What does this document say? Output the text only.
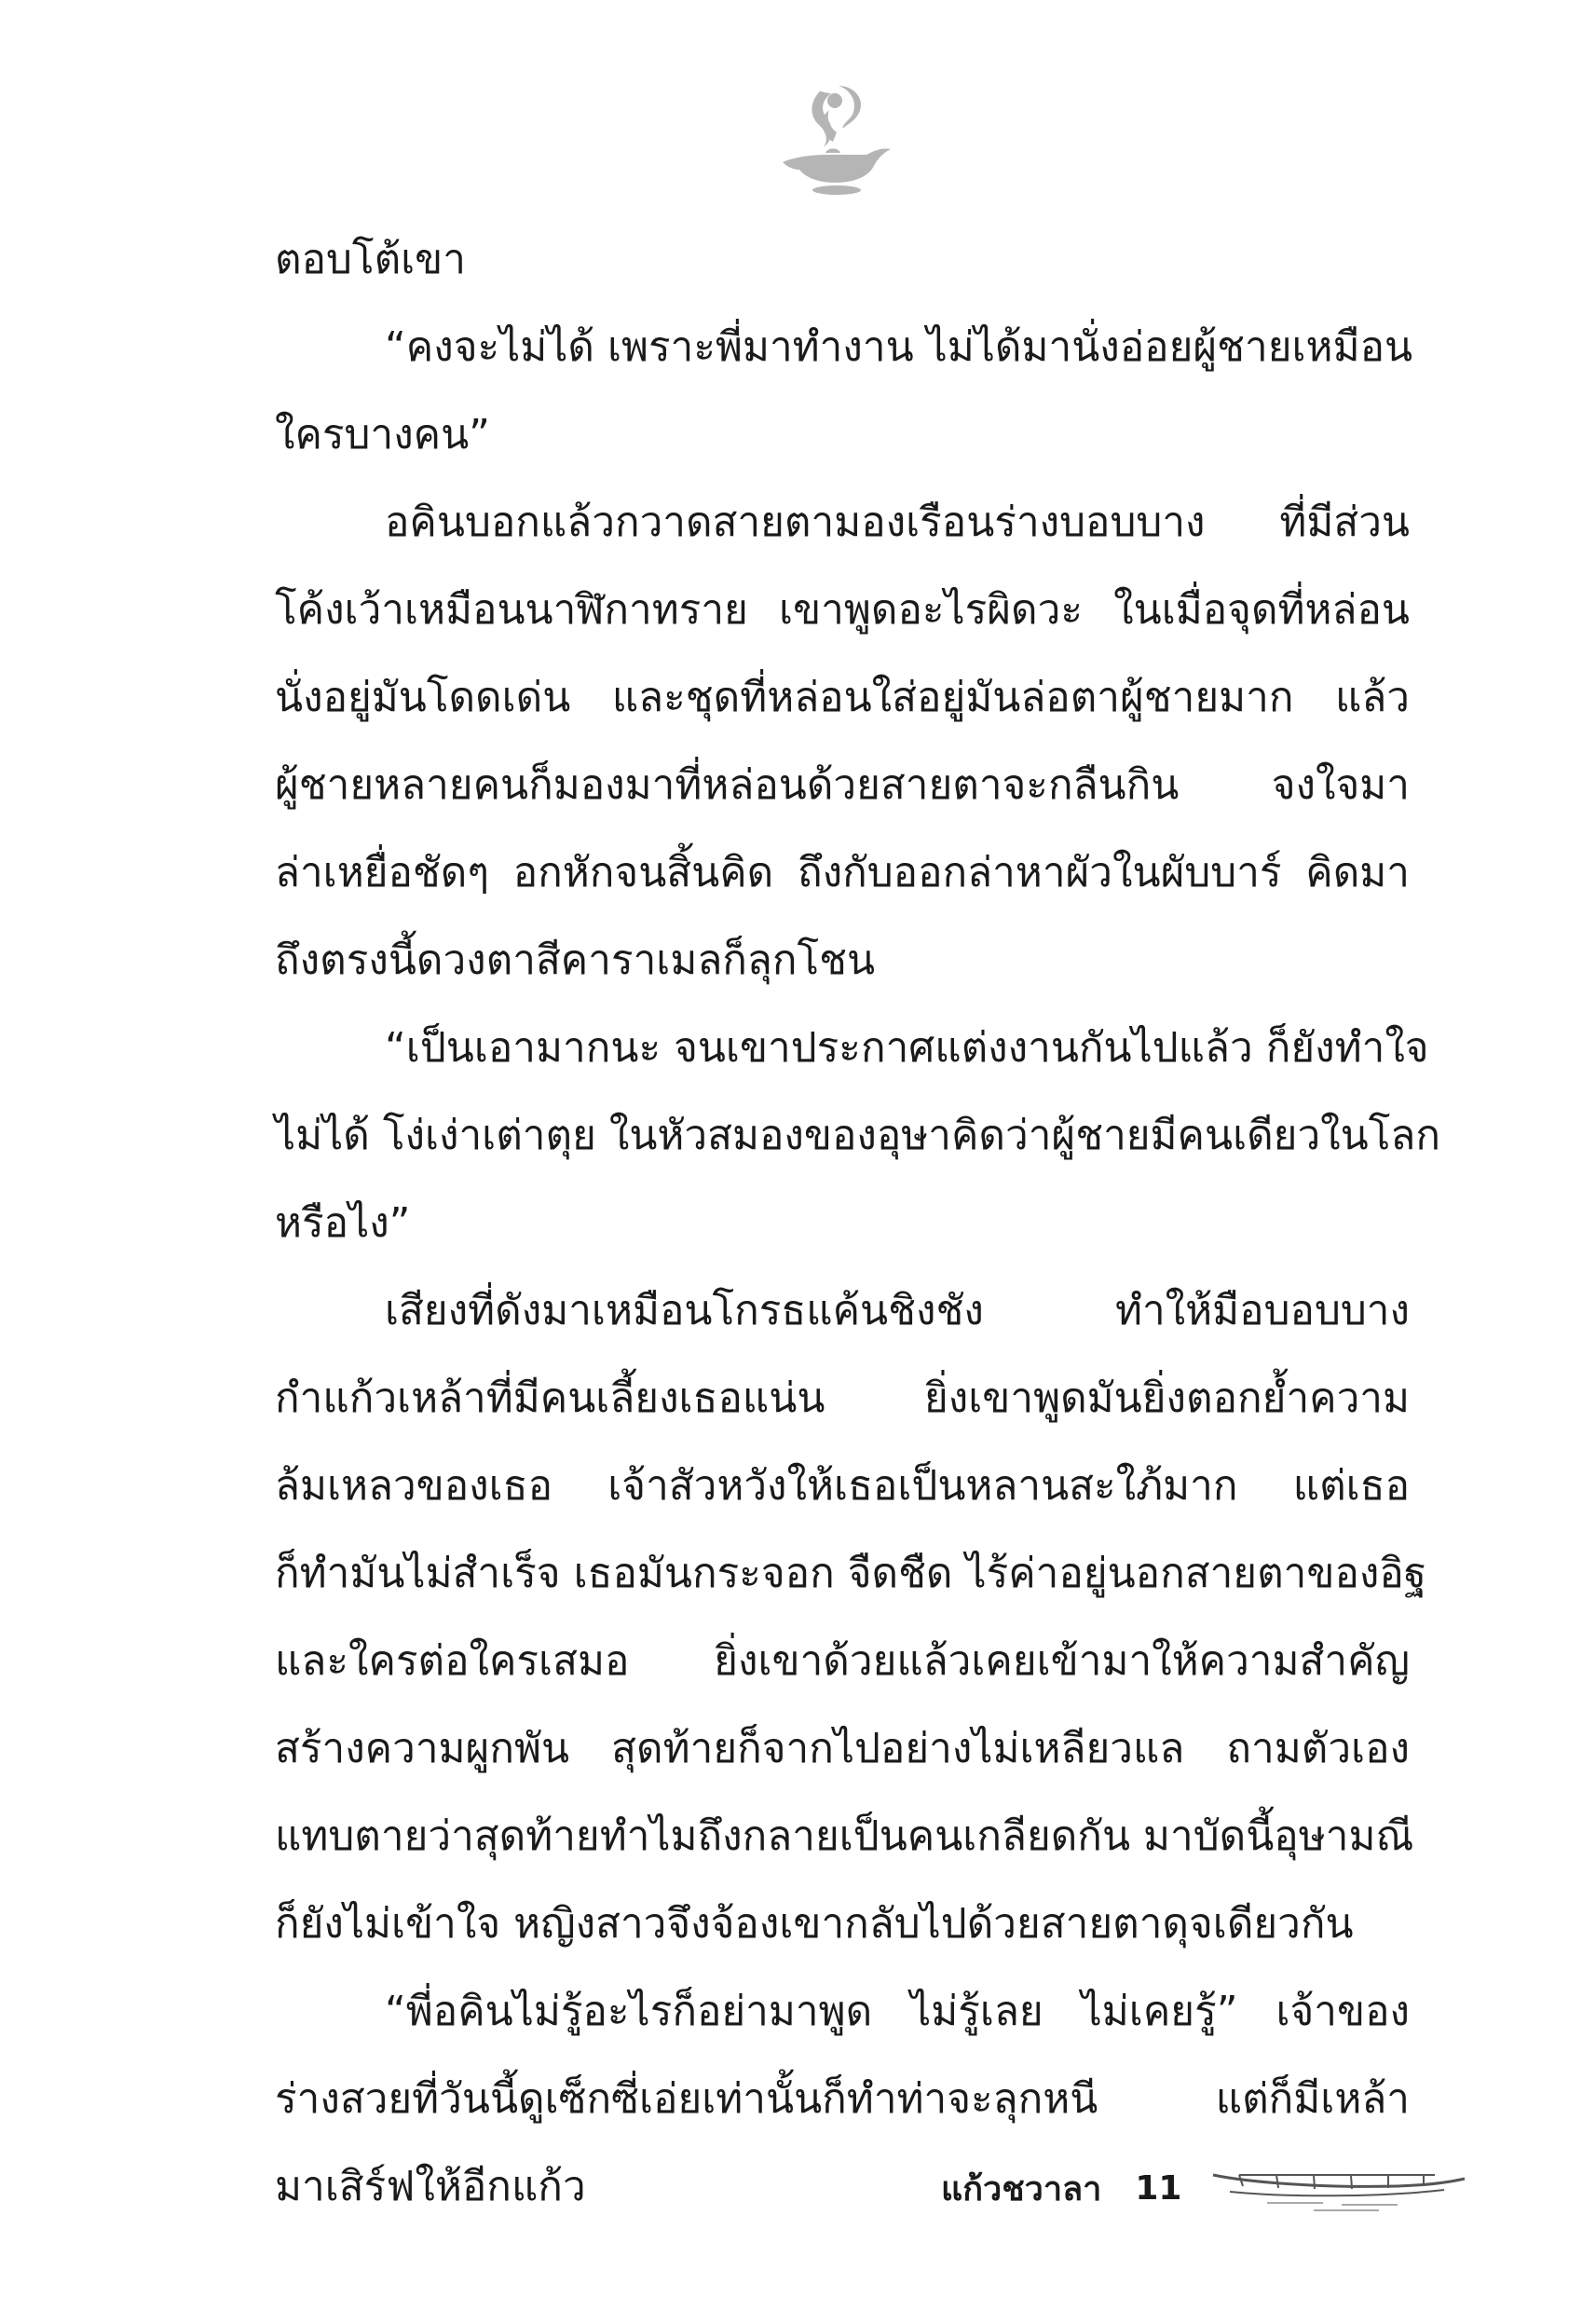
ตอบโต้เขา
“คงจะไม่ได้ เพราะพี่มาทำงาน ไม่ได้มานั่งอ่อยผู้ชายเหมือน
ใครบางคน”
อคินบอกแล้วกวาดสายตามองเรือนร่างบอบบาง ที่มีส่วน
โค้งเว้าเหมือนนาฬิกาทราย เขาพูดอะไรผิดวะ ในเมื่อจุดที่หล่อน
นั่งอยู่มันโดดเด่น และชุดที่หล่อนใส่อยู่มันล่อตาผู้ชายมาก แล้ว
ผู้ชายหลายคนก็มองมาที่หล่อนด้วยสายตาจะกลืนกิน จงใจมา
ล่าเหยื่อชัดๆ อกหักจนสิ้นคิด ถึงกับออกล่าหาผัวในผับบาร์ คิดมา
ถึงตรงนี้ดวงตาสีคาราเมลก็ลุกโชน
“เป็นเอามากนะ จนเขาประกาศแต่งงานกันไปแล้ว ก็ยังทำใจ
ไม่ได้ โง่เง่าเต่าตุย ในหัวสมองของอุษาคิดว่าผู้ชายมีคนเดียวในโลก
หรือไง”
เสียงที่ดังมาเหมือนโกรธแค้นชิงชัง ทำให้มือบอบบาง
กำแก้วเหล้าที่มีคนเลี้ยงเธอแน่น ยิ่งเขาพูดมันยิ่งตอกย้ำความ
ล้มเหลวของเธอ เจ้าสัวหวังให้เธอเป็นหลานสะใภ้มาก แต่เธอ
ก็ทำมันไม่สำเร็จ เธอมันกระจอก จืดชืด ไร้ค่าอยู่นอกสายตาของอิฐ
และใครต่อใครเสมอ ยิ่งเขาด้วยแล้วเคยเข้ามาให้ความสำคัญ
สร้างความผูกพัน สุดท้ายก็จากไปอย่างไม่เหลียวแล ถามตัวเอง
แทบตายว่าสุดท้ายทำไมถึงกลายเป็นคนเกลียดกัน มาบัดนี้อุษามณี
ก็ยังไม่เข้าใจ หญิงสาวจึงจ้องเขากลับไปด้วยสายตาดุจเดียวกัน
“พี่อคินไม่รู้อะไรก็อย่ามาพูด ไม่รู้เลย ไม่เคยรู้” เจ้าของ
ร่างสวยที่วันนี้ดูเซ็กซี่เอ่ยเท่านั้นก็ทำท่าจะลุกหนี แต่ก็มีเหล้า
มาเสิร์ฟให้อีกแก้ว	แก้วชวาลา 11
